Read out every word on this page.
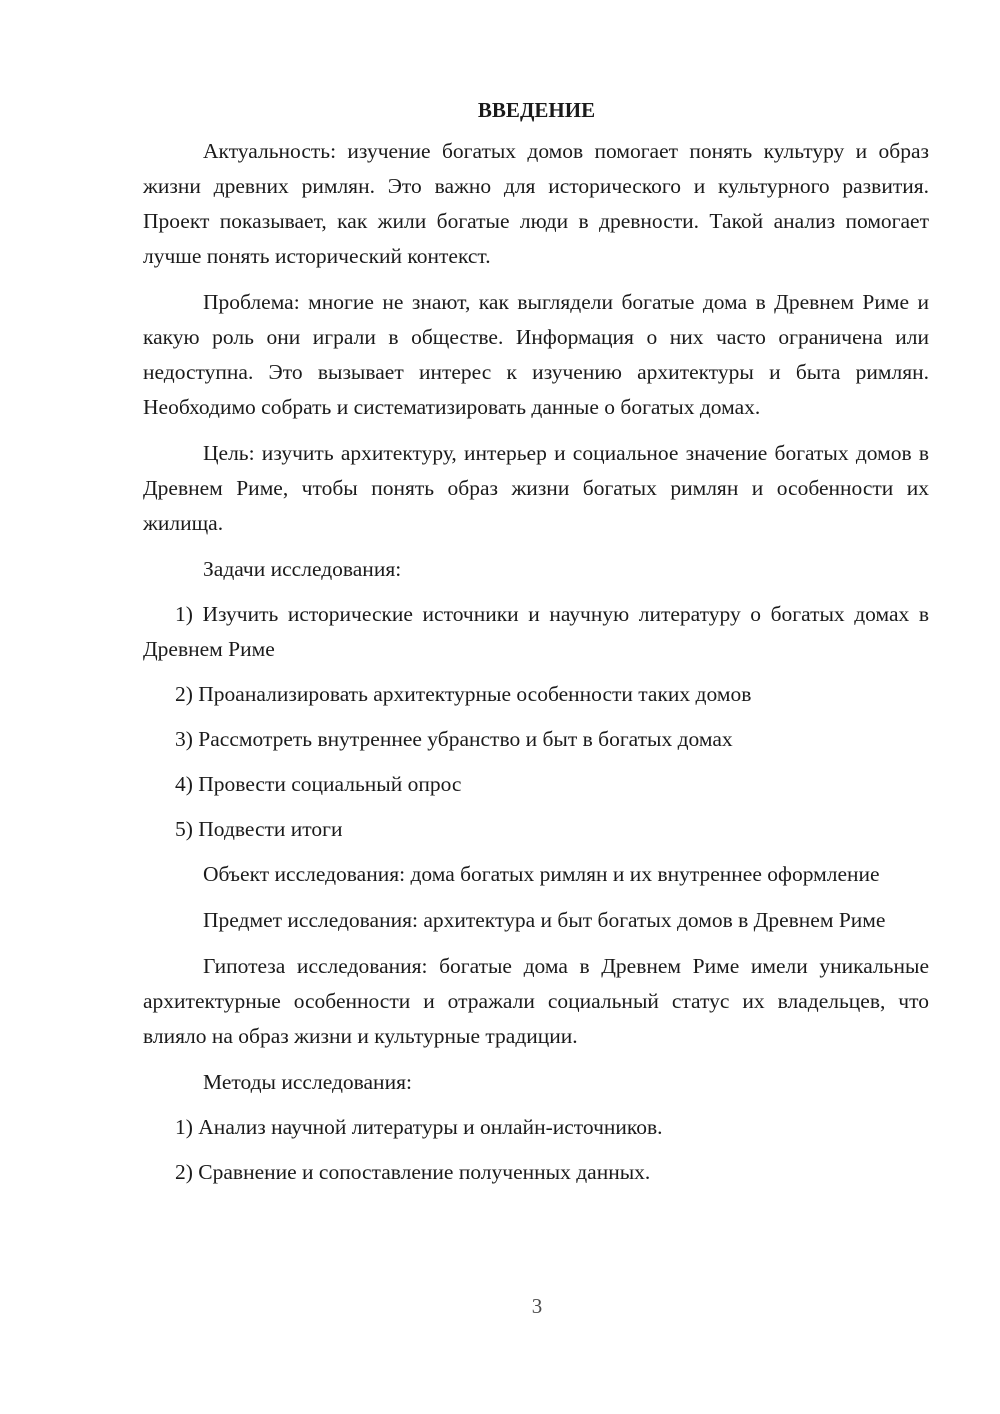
ВВЕДЕНИЕ

Актуальность: изучение богатых домов помогает понять культуру и образ жизни древних римлян. Это важно для исторического и культурного развития. Проект показывает, как жили богатые люди в древности. Такой анализ помогает лучше понять исторический контекст.

Проблема: многие не знают, как выглядели богатые дома в Древнем Риме и какую роль они играли в обществе. Информация о них часто ограничена или недоступна. Это вызывает интерес к изучению архитектуры и быта римлян. Необходимо собрать и систематизировать данные о богатых домах.

Цель: изучить архитектуру, интерьер и социальное значение богатых домов в Древнем Риме, чтобы понять образ жизни богатых римлян и особенности их жилища.

Задачи исследования:

1) Изучить исторические источники и научную литературу о богатых домах в Древнем Риме

2) Проанализировать архитектурные особенности таких домов

3) Рассмотреть внутреннее убранство и быт в богатых домах

4) Провести социальный опрос

5) Подвести итоги

Объект исследования: дома богатых римлян и их внутреннее оформление

Предмет исследования: архитектура и быт богатых домов в Древнем Риме

Гипотеза исследования: богатые дома в Древнем Риме имели уникальные архитектурные особенности и отражали социальный статус их владельцев, что влияло на образ жизни и культурные традиции.

Методы исследования:

1) Анализ научной литературы и онлайн-источников.

2) Сравнение и сопоставление полученных данных.

3
